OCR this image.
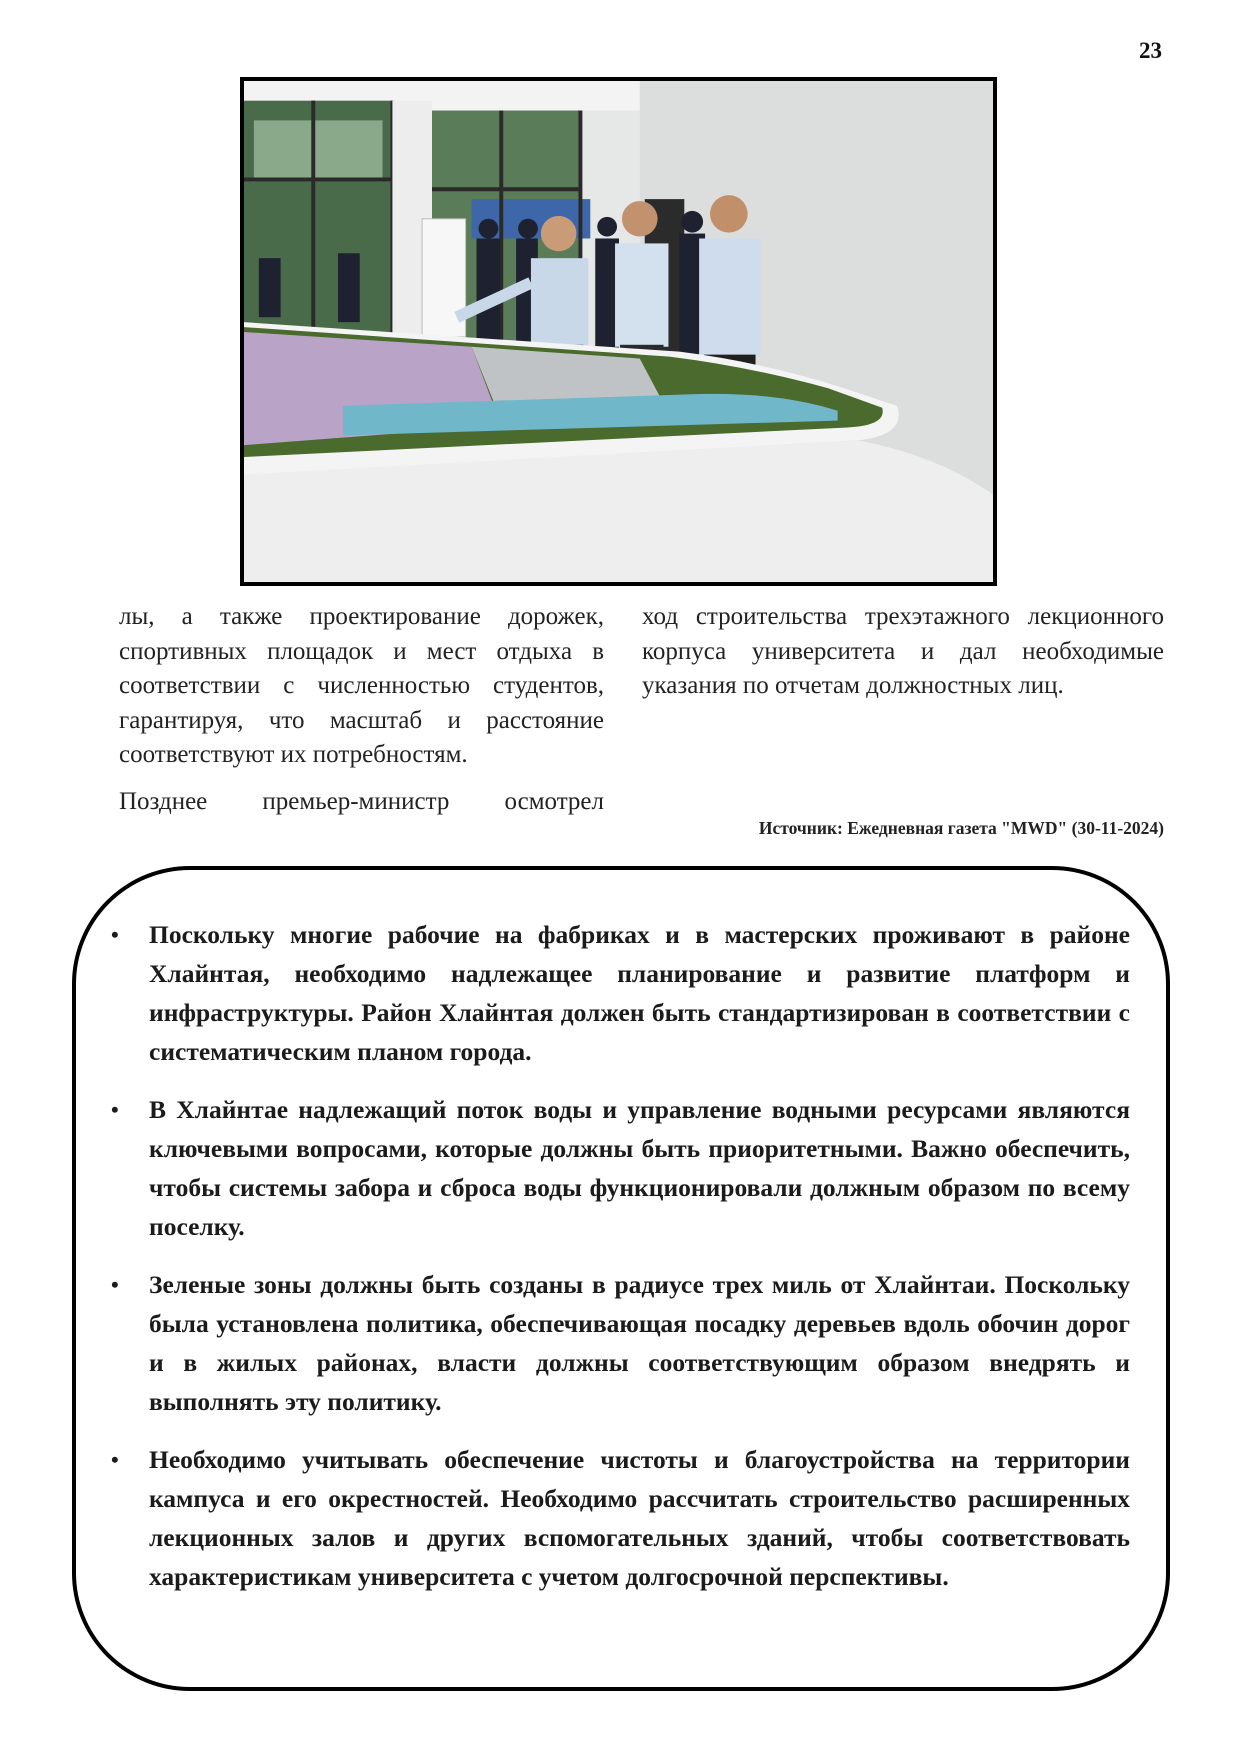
23

лы, а также проектирование дорожек, спортивных площадок и мест отдыха в соответствии с численностью студентов, гарантируя, что масштаб и расстояние соответствуют их потребностям.

Позднее премьер-министр осмотрел

ход строительства трехэтажного лекционного корпуса университета и дал необходимые указания по отчетам должностных лиц.

Источник: Ежедневная газета "MWD" (30-11-2024)
• Поскольку многие рабочие на фабриках и в мастерских проживают в районе Хлайнтая, необходимо надлежащее планирование и развитие платформ и инфраструктуры. Район Хлайнтая должен быть стандартизирован в соответствии с систематическим планом города.
• В Хлайнтае надлежащий поток воды и управление водными ресурсами являются ключевыми вопросами, которые должны быть приоритетными. Важно обеспечить, чтобы системы забора и сброса воды функционировали должным образом по всему поселку.
• Зеленые зоны должны быть созданы в радиусе трех миль от Хлайнтаи. Поскольку была установлена политика, обеспечивающая посадку деревьев вдоль обочин дорог и в жилых районах, власти должны соответствующим образом внедрять и выполнять эту политику.
• Необходимо учитывать обеспечение чистоты и благоустройства на территории кампуса и его окрестностей. Необходимо рассчитать строительство расширенных лекционных залов и других вспомогательных зданий, чтобы соответствовать характеристикам университета с учетом долгосрочной перспективы.
